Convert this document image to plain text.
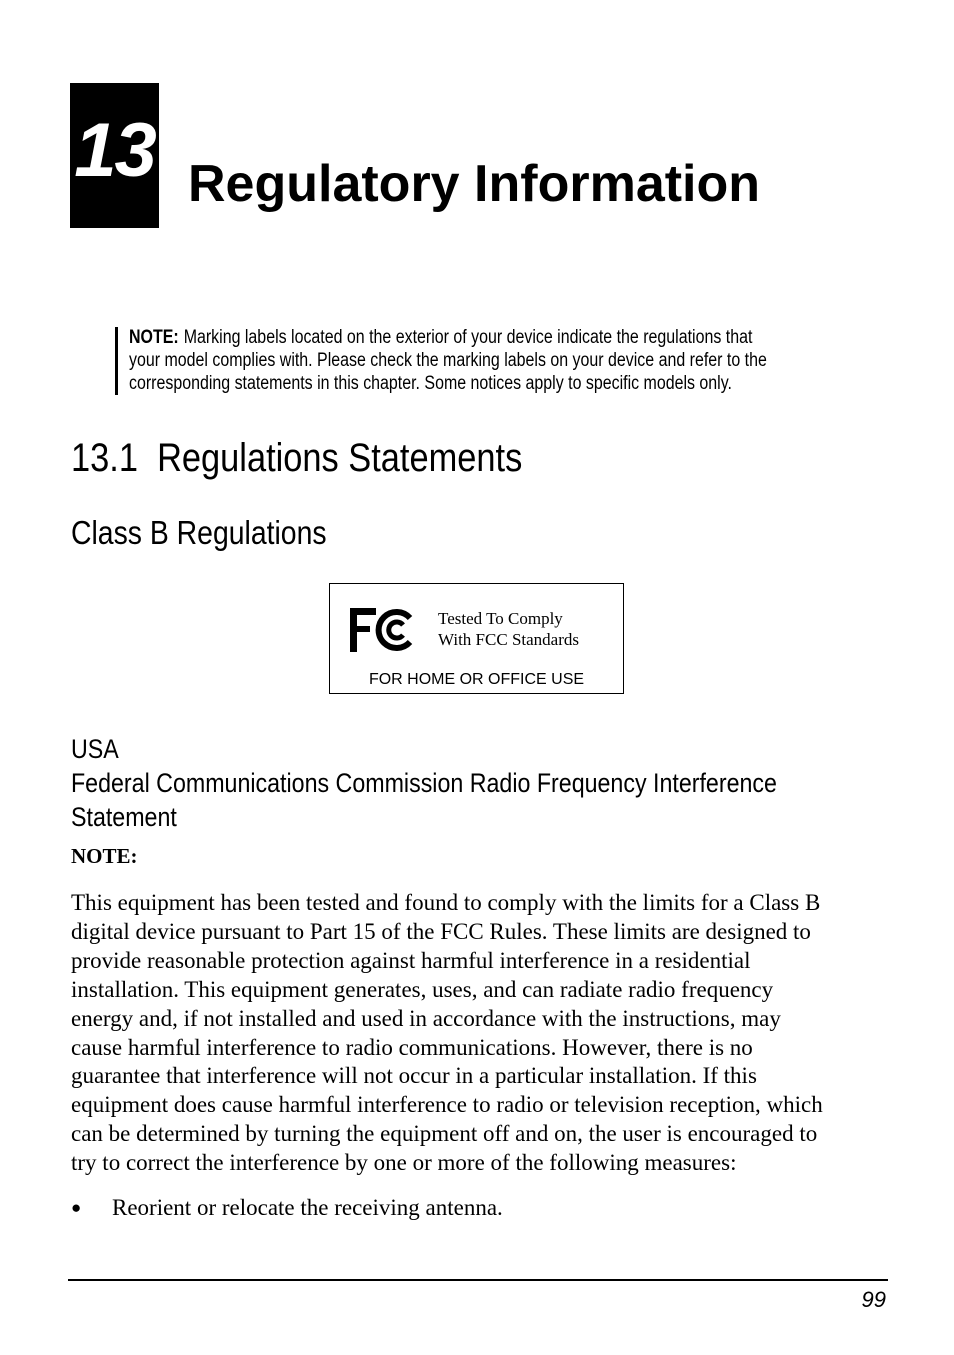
13 Regulatory Information
NOTE: Marking labels located on the exterior of your device indicate the regulations that
your model complies with. Please check the marking labels on your device and refer to the
corresponding statements in this chapter. Some notices apply to specific models only.
13.1  Regulations Statements
Class B Regulations
Tested To Comply
With FCC Standards
FOR HOME OR OFFICE USE
USA
Federal Communications Commission Radio Frequency Interference
Statement
NOTE:
This equipment has been tested and found to comply with the limits for a Class B
digital device pursuant to Part 15 of the FCC Rules. These limits are designed to
provide reasonable protection against harmful interference in a residential
installation. This equipment generates, uses, and can radiate radio frequency
energy and, if not installed and used in accordance with the instructions, may
cause harmful interference to radio communications. However, there is no
guarantee that interference will not occur in a particular installation. If this
equipment does cause harmful interference to radio or television reception, which
can be determined by turning the equipment off and on, the user is encouraged to
try to correct the interference by one or more of the following measures:
● Reorient or relocate the receiving antenna.
99
